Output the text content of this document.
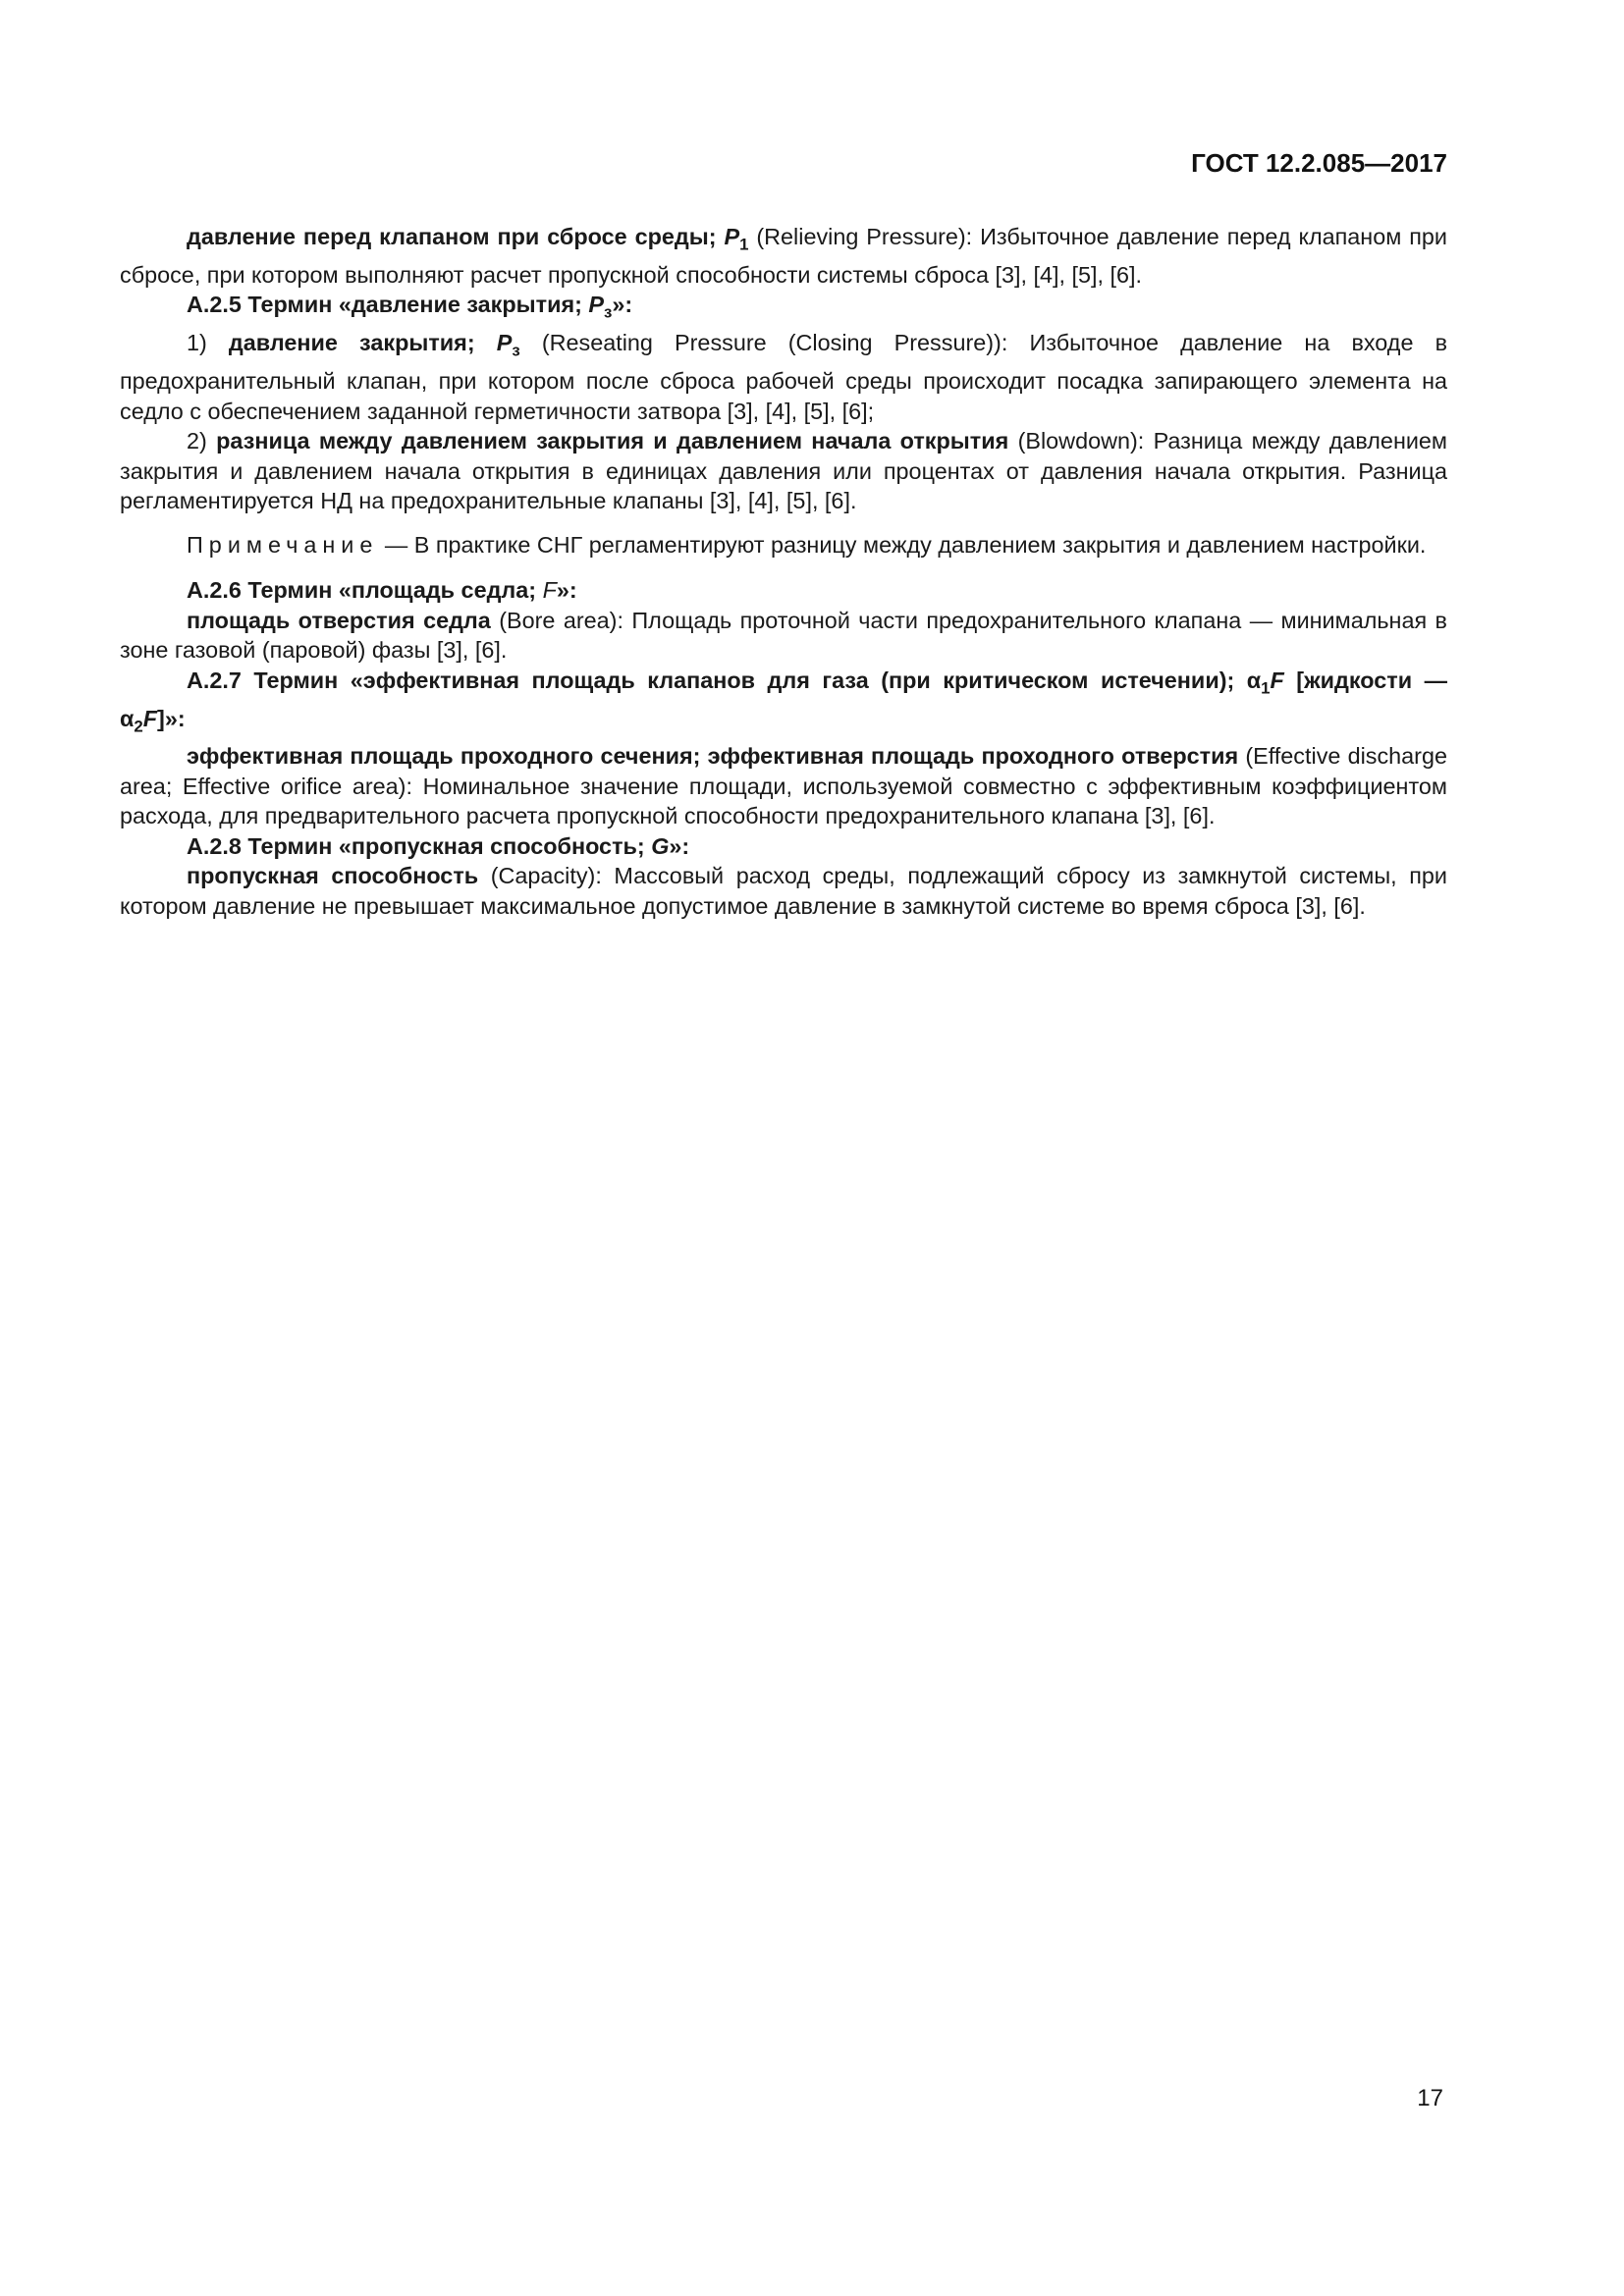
ГОСТ 12.2.085—2017

давление перед клапаном при сбросе среды; $P_1$ (Relieving Pressure): Избыточное давление перед клапаном при сбросе, при котором выполняют расчет пропускной способности системы сброса [3], [4], [5], [6].

А.2.5 Термин «давление закрытия; $P_з$»:

1) давление закрытия; $P_з$ (Reseating Pressure (Closing Pressure)): Избыточное давление на входе в предохранительный клапан, при котором после сброса рабочей среды происходит посадка запирающего элемента на седло с обеспечением заданной герметичности затвора [3], [4], [5], [6];

2) разница между давлением закрытия и давлением начала открытия (Blowdown): Разница между давлением закрытия и давлением начала открытия в единицах давления или процентах от давления начала открытия. Разница регламентируется НД на предохранительные клапаны [3], [4], [5], [6].

Примечание — В практике СНГ регламентируют разницу между давлением закрытия и давлением настройки.

А.2.6 Термин «площадь седла; F»:

площадь отверстия седла (Bore area): Площадь проточной части предохранительного клапана — минимальная в зоне газовой (паровой) фазы [3], [6].

А.2.7 Термин «эффективная площадь клапанов для газа (при критическом истечении); $\alpha_1F$ [жидкости — $\alpha_2F$]»:

эффективная площадь проходного сечения; эффективная площадь проходного отверстия (Effective discharge area; Effective orifice area): Номинальное значение площади, используемой совместно с эффективным коэффициентом расхода, для предварительного расчета пропускной способности предохранительного клапана [3], [6].

А.2.8 Термин «пропускная способность; G»:

пропускная способность (Capacity): Массовый расход среды, подлежащий сбросу из замкнутой системы, при котором давление не превышает максимальное допустимое давление в замкнутой системе во время сброса [3], [6].

17
